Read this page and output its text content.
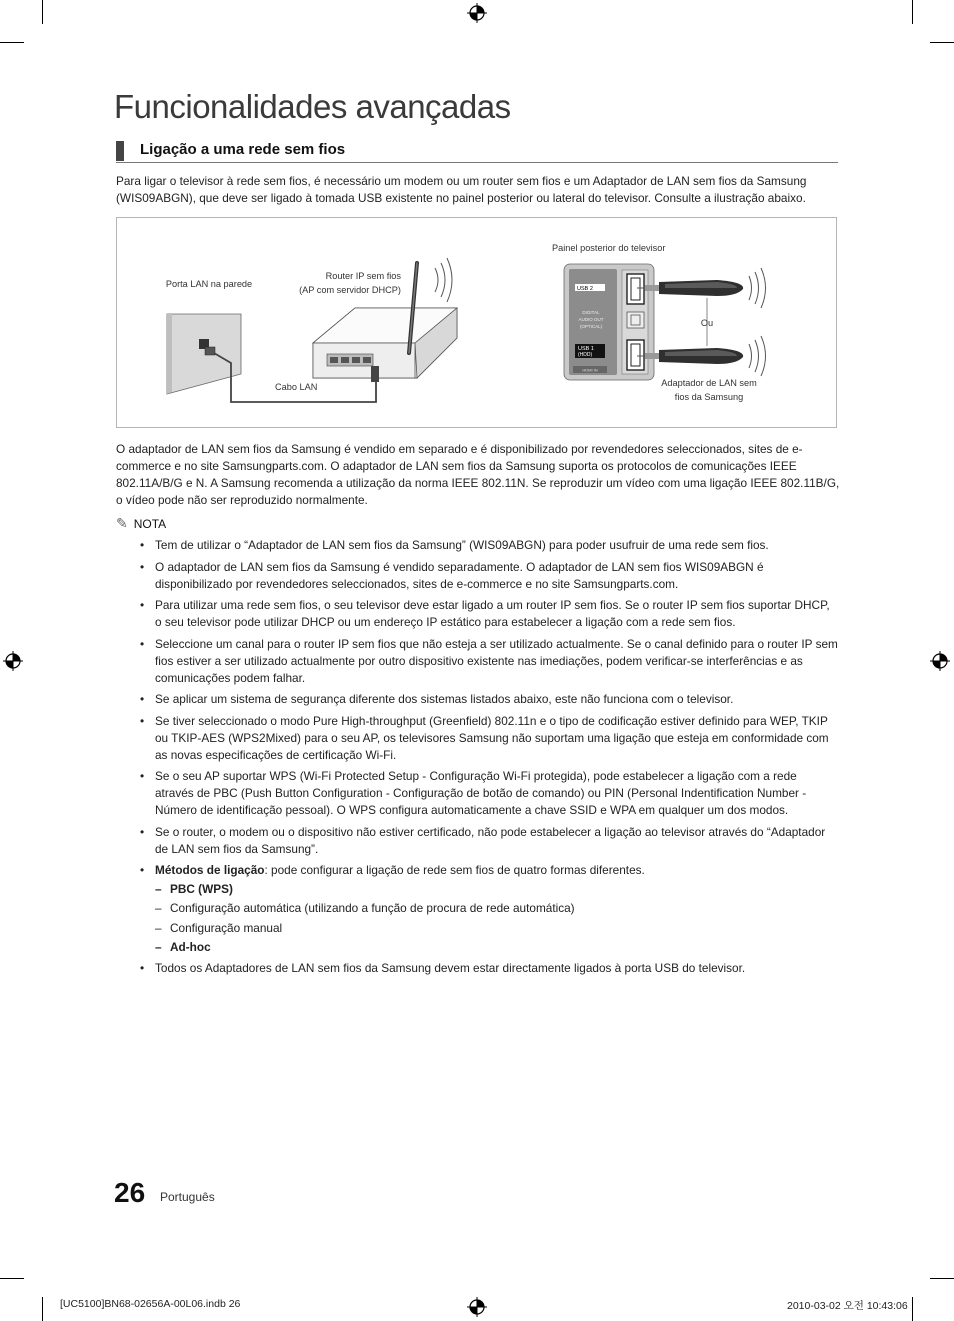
Funcionalidades avançadas
Ligação a uma rede sem fios

Para ligar o televisor à rede sem fios, é necessário um modem ou um router sem fios e um Adaptador de LAN sem fios da Samsung (WIS09ABGN), que deve ser ligado à tomada USB existente no painel posterior ou lateral do televisor. Consulte a ilustração abaixo.

Porta LAN na parede
Cabo LAN
Router IP sem fios
(AP com servidor DHCP)
Painel posterior do televisor
USB 2
DIGITAL
AUDIO OUT
(OPTICAL)
USB 1
(HDD)
HDMI IN
Ou
Adaptador de LAN sem
fios da Samsung

O adaptador de LAN sem fios da Samsung é vendido em separado e é disponibilizado por revendedores seleccionados, sites de e-commerce e no site Samsungparts.com. O adaptador de LAN sem fios da Samsung suporta os protocolos de comunicações IEEE 802.11A/B/G e N. A Samsung recomenda a utilização da norma IEEE 802.11N. Se reproduzir um vídeo com uma ligação IEEE 802.11B/G, o vídeo pode não ser reproduzido normalmente.

✎ NOTA
• Tem de utilizar o “Adaptador de LAN sem fios da Samsung” (WIS09ABGN) para poder usufruir de uma rede sem fios.
• O adaptador de LAN sem fios da Samsung é vendido separadamente. O adaptador de LAN sem fios WIS09ABGN é disponibilizado por revendedores seleccionados, sites de e-commerce e no site Samsungparts.com.
• Para utilizar uma rede sem fios, o seu televisor deve estar ligado a um router IP sem fios. Se o router IP sem fios suportar DHCP, o seu televisor pode utilizar DHCP ou um endereço IP estático para estabelecer a ligação com a rede sem fios.
• Seleccione um canal para o router IP sem fios que não esteja a ser utilizado actualmente. Se o canal definido para o router IP sem fios estiver a ser utilizado actualmente por outro dispositivo existente nas imediações, podem verificar-se interferências e as comunicações podem falhar.
• Se aplicar um sistema de segurança diferente dos sistemas listados abaixo, este não funciona com o televisor.
• Se tiver seleccionado o modo Pure High-throughput (Greenfield) 802.11n e o tipo de codificação estiver definido para WEP, TKIP ou TKIP-AES (WPS2Mixed) para o seu AP, os televisores Samsung não suportam uma ligação que esteja em conformidade com as novas especificações de certificação Wi-Fi.
• Se o seu AP suportar WPS (Wi-Fi Protected Setup - Configuração Wi-Fi protegida), pode estabelecer a ligação com a rede através de PBC (Push Button Configuration - Configuração de botão de comando) ou PIN (Personal Indentification Number - Número de identificação pessoal). O WPS configura automaticamente a chave SSID e WPA em qualquer um dos modos.
• Se o router, o modem ou o dispositivo não estiver certificado, não pode estabelecer a ligação ao televisor através do “Adaptador de LAN sem fios da Samsung”.
• Métodos de ligação: pode configurar a ligação de rede sem fios de quatro formas diferentes.
– PBC (WPS)
– Configuração automática (utilizando a função de procura de rede automática)
– Configuração manual
– Ad-hoc
• Todos os Adaptadores de LAN sem fios da Samsung devem estar directamente ligados à porta USB do televisor.
26 Português
[UC5100]BN68-02656A-00L06.indb 26	2010-03-02 오전 10:43:06
